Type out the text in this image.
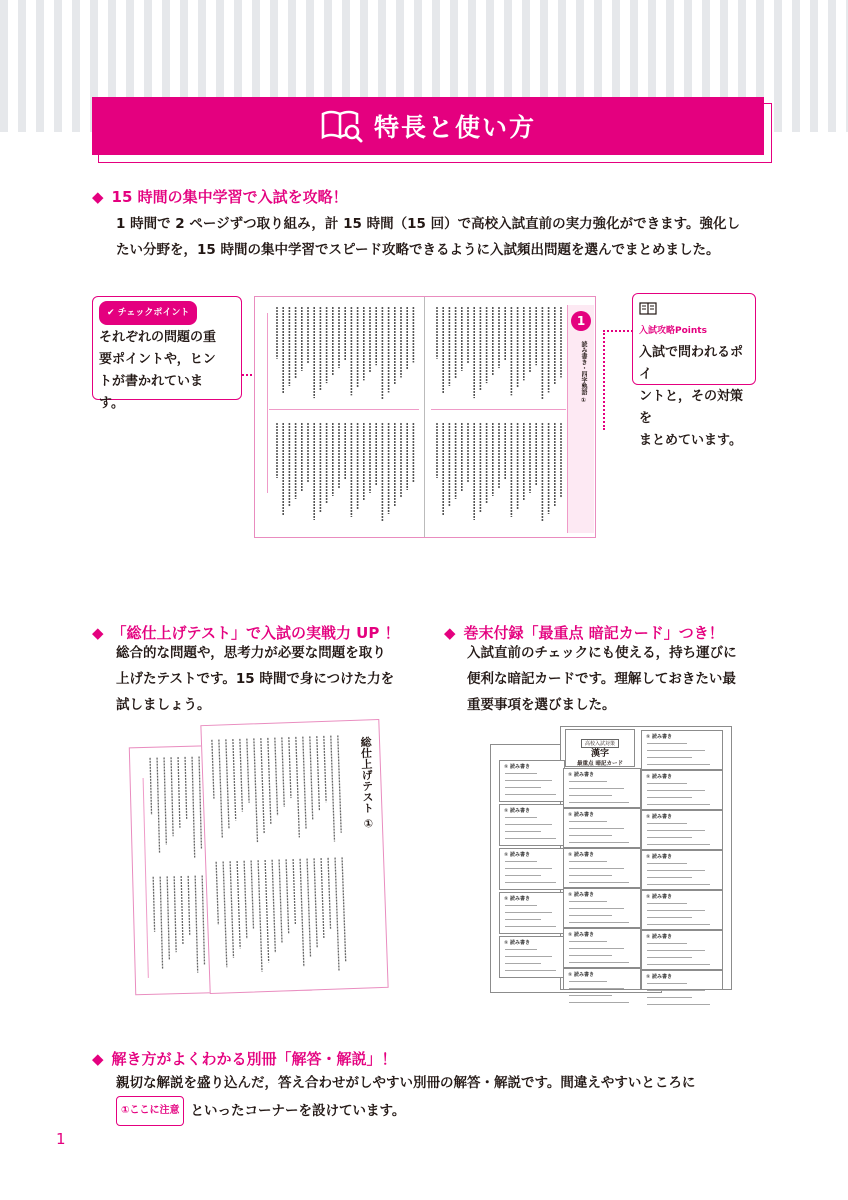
特長と使い方
◆ 15 時間の集中学習で入試を攻略！
1 時間で 2 ページずつ取り組み，計 15 時間（15 回）で高校入試直前の実力強化ができます。強化し
たい分野を，15 時間の集中学習でスピード攻略できるように入試頻出問題を選んでまとめました。
✔ チェックポイント
それぞれの問題の重
要ポイントや，ヒン
トが書かれていま
す。
入試攻略Points
入試で問われるポイ
ントと，その対策を
まとめています。
1
読み書き・四字熟語 ①
◆ 「総仕上げテスト」で入試の実戦力 UP ！
総合的な問題や，思考力が必要な問題を取り
上げたテストです。15 時間で身につけた力を
試しましょう。
総仕上げテスト ①
◆ 巻末付録「最重点 暗記カード」つき！
入試直前のチェックにも使える，持ち運びに
便利な暗記カードです。理解しておきたい最
重要事項を選びました。
高校入試対策
漢字
最重点 暗記カード
① 読み書き
① 読み書き
① 読み書き
① 読み書き
① 読み書き
① 読み書き
① 読み書き
① 読み書き
① 読み書き
① 読み書き
① 読み書き
① 読み書き
① 読み書き
① 読み書き
① 読み書き
① 読み書き
① 読み書き	① 読み書き
◆ 解き方がよくわかる別冊「解答・解説」！
親切な解説を盛り込んだ，答え合わせがしやすい別冊の解答・解説です。間違えやすいところに
①ここに注意 といったコーナーを設けています。
1
